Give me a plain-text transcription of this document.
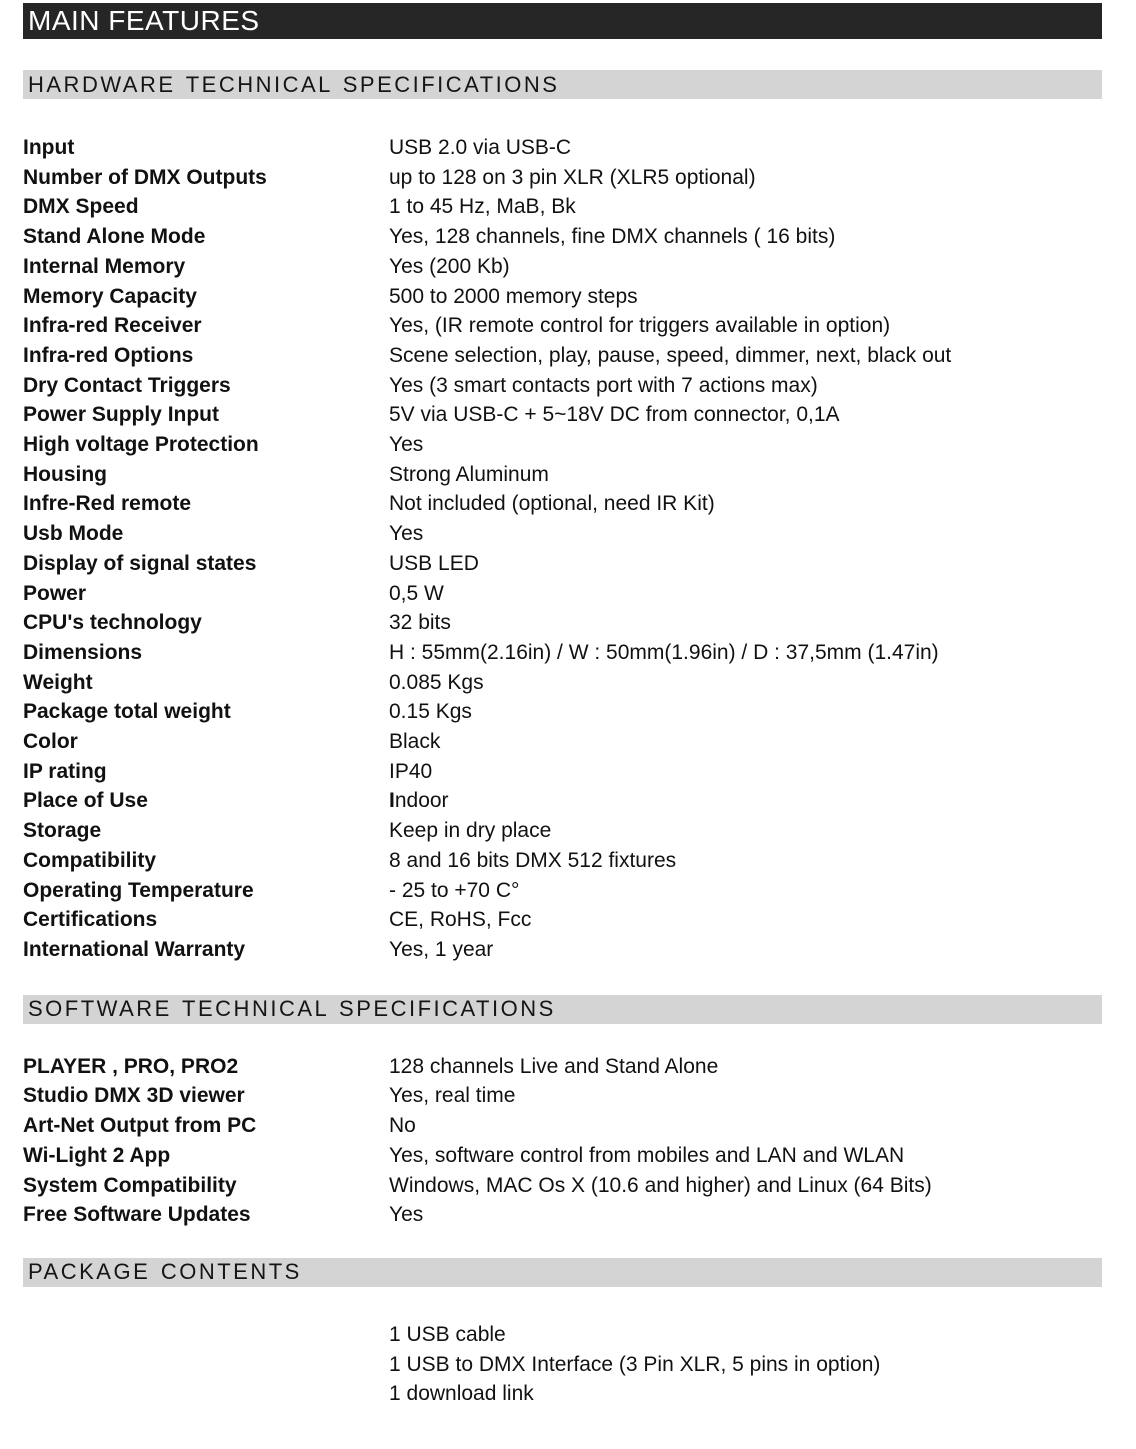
MAIN FEATURES
HARDWARE TECHNICAL SPECIFICATIONS
Input	USB 2.0 via USB-C
Number of DMX Outputs	up to 128 on 3 pin XLR (XLR5 optional)
DMX Speed	1 to 45 Hz, MaB, Bk
Stand Alone Mode	Yes, 128 channels, fine DMX channels ( 16 bits)
Internal Memory	Yes (200 Kb)
Memory Capacity	500 to 2000 memory steps
Infra-red Receiver	Yes, (IR remote control for triggers available in option)
Infra-red Options	Scene selection, play, pause, speed, dimmer, next, black out
Dry Contact Triggers	Yes (3 smart contacts port with 7 actions max)
Power Supply Input	5V via USB-C + 5~18V DC from connector, 0,1A
High voltage Protection	Yes
Housing	Strong Aluminum
Infre-Red remote	Not included (optional, need IR Kit)
Usb Mode	Yes
Display of signal states	USB LED
Power	0,5 W
CPU's technology	32 bits
Dimensions	H : 55mm(2.16in) / W : 50mm(1.96in) / D : 37,5mm (1.47in)
Weight	0.085 Kgs
Package total weight	0.15 Kgs
Color	Black
IP rating	IP40
Place of Use	Indoor
Storage	Keep in dry place
Compatibility	8 and 16 bits DMX 512 fixtures
Operating Temperature	- 25 to +70 C°
Certifications	CE, RoHS, Fcc
International Warranty	Yes, 1 year
SOFTWARE TECHNICAL SPECIFICATIONS
PLAYER , PRO, PRO2	128 channels Live and Stand Alone
Studio DMX 3D viewer	Yes, real time
Art-Net Output from PC	No
Wi-Light 2 App	Yes, software control from mobiles and LAN and WLAN
System Compatibility	Windows, MAC Os X (10.6 and higher) and Linux (64 Bits)
Free Software Updates	Yes
PACKAGE CONTENTS
1 USB cable
1 USB to DMX Interface (3 Pin XLR, 5 pins in option)
1 download link
